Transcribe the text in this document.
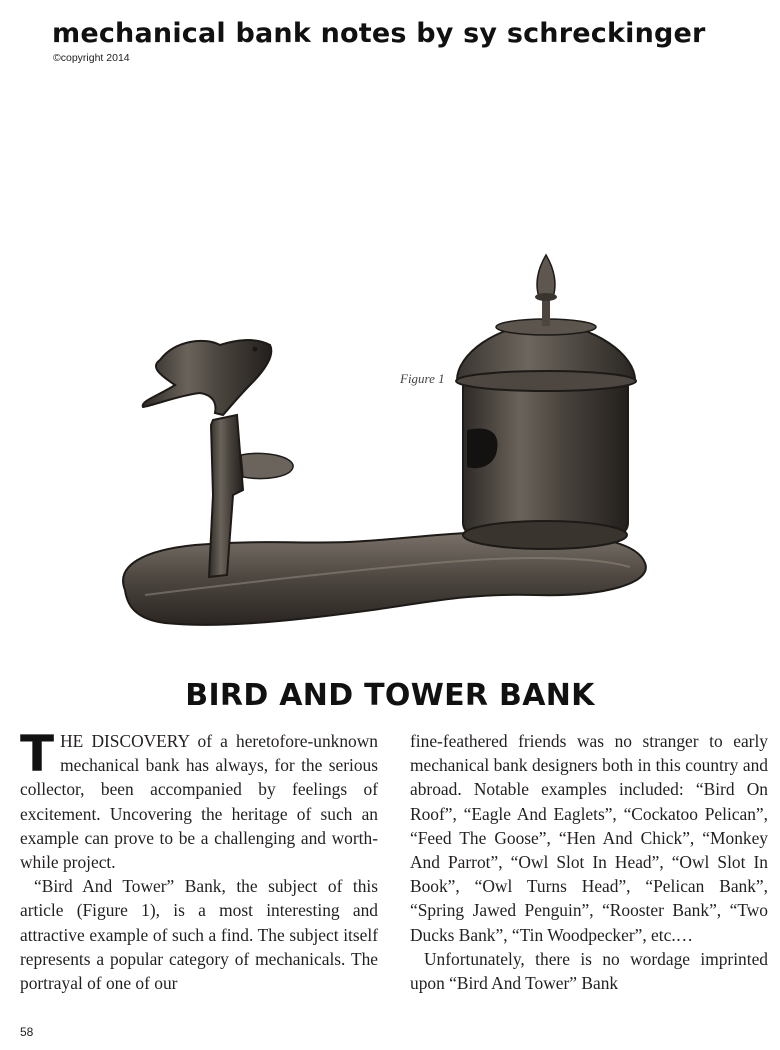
mechanical bank notes by sy schreckinger
©copyright 2014
Figure 1
BIRD AND TOWER BANK

THE DISCOVERY of a heretofore-unknown mechanical bank has always, for the serious collector, been accompanied by feelings of excitement. Uncovering the heritage of such an example can prove to be a challenging and worth-while project.

“Bird And Tower” Bank, the subject of this article (Figure 1), is a most interesting and attractive example of such a find. The subject itself represents a popular category of mechanicals. The portrayal of one of our

fine-feathered friends was no stranger to early mechanical bank designers both in this country and abroad. Notable examples included: “Bird On Roof”, “Eagle And Eaglets”, “Cockatoo Pelican”, “Feed The Goose”, “Hen And Chick”, “Monkey And Parrot”, “Owl Slot In Head”, “Owl Slot In Book”, “Owl Turns Head”, “Pelican Bank”, “Spring Jawed Penguin”, “Rooster Bank”, “Two Ducks Bank”, “Tin Woodpecker”, etc.…

Unfortunately, there is no wordage imprinted upon “Bird And Tower” Bank

58
